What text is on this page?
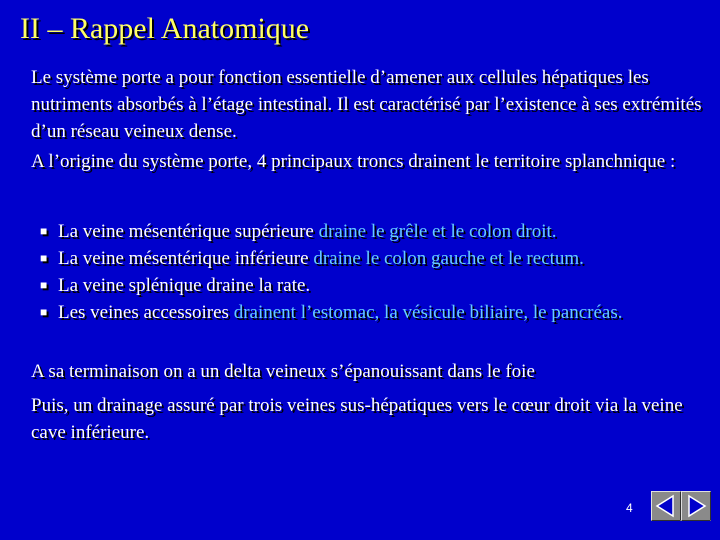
II – Rappel Anatomique
Le système porte a pour fonction essentielle d’amener aux cellules hépatiques les nutriments absorbés à l’étage intestinal. Il est caractérisé par l’existence à ses extrémités d’un réseau veineux dense.
A l’origine du système porte, 4 principaux troncs drainent le territoire splanchnique :
■ La veine mésentérique supérieure draine le grêle et le colon droit.
■ La veine mésentérique inférieure draine le colon gauche et le rectum.
■ La veine splénique draine la rate.
■ Les veines accessoires drainent l’estomac, la vésicule biliaire, le pancréas.
A sa terminaison on a un delta veineux s’épanouissant dans le foie
Puis, un drainage assuré par trois veines sus-hépatiques vers le cœur droit via la veine cave inférieure.
4
